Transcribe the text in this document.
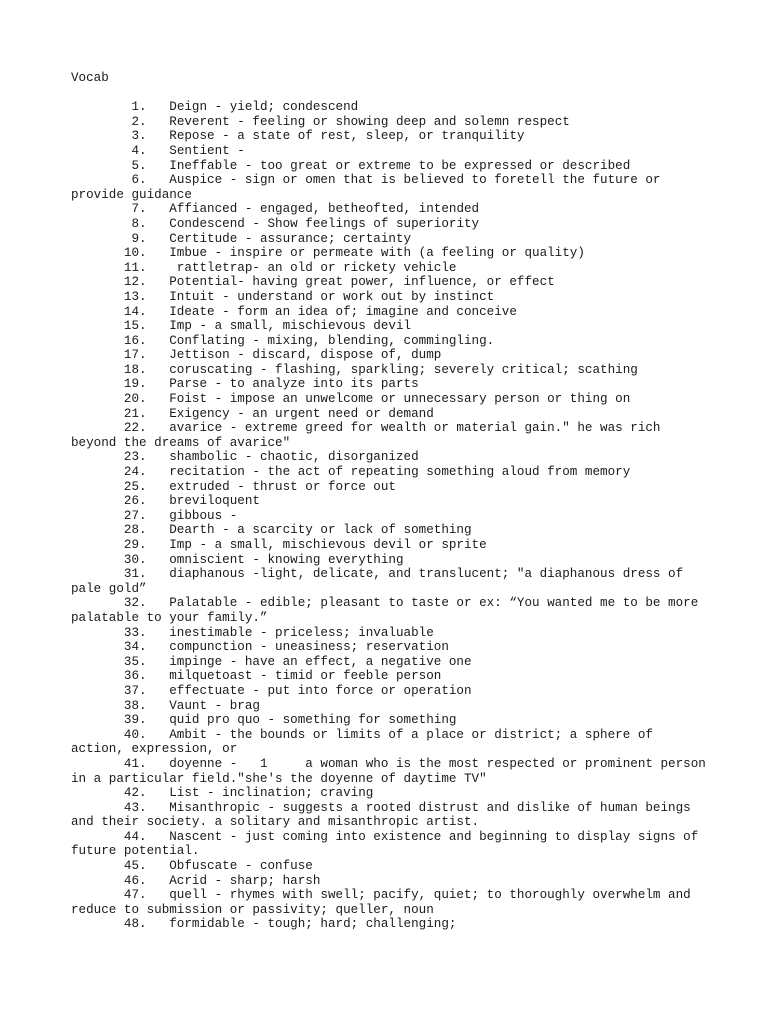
Vocab
1.   Deign - yield; condescend
2.   Reverent - feeling or showing deep and solemn respect
3.   Repose - a state of rest, sleep, or tranquility
4.   Sentient -
5.   Ineffable - too great or extreme to be expressed or described
6.   Auspice - sign or omen that is believed to foretell the future or provide guidance
7.   Affianced - engaged, betheofted, intended
8.   Condescend - Show feelings of superiority
9.   Certitude - assurance; certainty
10.   Imbue - inspire or permeate with (a feeling or quality)
11.    rattletrap- an old or rickety vehicle
12.   Potential- having great power, influence, or effect
13.   Intuit - understand or work out by instinct
14.   Ideate - form an idea of; imagine and conceive
15.   Imp - a small, mischievous devil
16.   Conflating - mixing, blending, commingling.
17.   Jettison - discard, dispose of, dump
18.   coruscating - flashing, sparkling; severely critical; scathing
19.   Parse - to analyze into its parts
20.   Foist - impose an unwelcome or unnecessary person or thing on
21.   Exigency - an urgent need or demand
22.   avarice - extreme greed for wealth or material gain." he was rich beyond the dreams of avarice"
23.   shambolic - chaotic, disorganized
24.   recitation - the act of repeating something aloud from memory
25.   extruded - thrust or force out
26.   breviloquent
27.   gibbous -
28.   Dearth - a scarcity or lack of something
29.   Imp - a small, mischievous devil or sprite
30.   omniscient - knowing everything
31.   diaphanous -light, delicate, and translucent; "a diaphanous dress of pale gold”
32.   Palatable - edible; pleasant to taste or ex: “You wanted me to be more palatable to your family.”
33.   inestimable - priceless; invaluable
34.   compunction - uneasiness; reservation
35.   impinge - have an effect, a negative one
36.   milquetoast - timid or feeble person
37.   effectuate - put into force or operation
38.   Vaunt - brag
39.   quid pro quo - something for something
40.   Ambit - the bounds or limits of a place or district; a sphere of action, expression, or
41.   doyenne -   1     a woman who is the most respected or prominent person in a particular field."she's the doyenne of daytime TV"
42.   List - inclination; craving
43.   Misanthropic - suggests a rooted distrust and dislike of human beings and their society. a solitary and misanthropic artist.
44.   Nascent - just coming into existence and beginning to display signs of future potential.
45.   Obfuscate - confuse
46.   Acrid - sharp; harsh
47.   quell - rhymes with swell; pacify, quiet; to thoroughly overwhelm and reduce to submission or passivity; queller, noun
48.   formidable - tough; hard; challenging;
